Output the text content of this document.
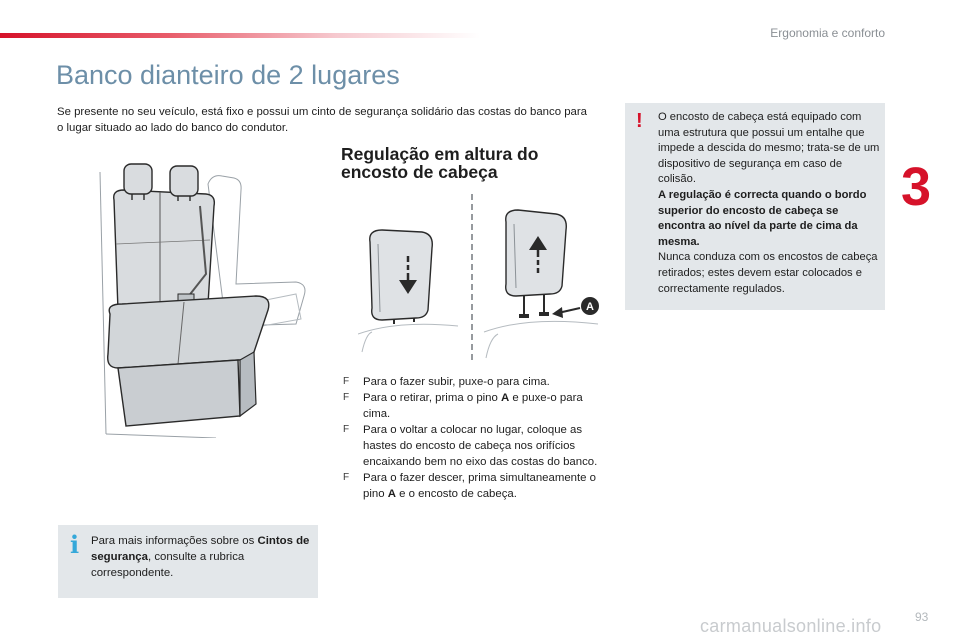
Ergonomia e conforto
3
Banco dianteiro de 2 lugares

Se presente no seu veículo, está fixo e possui um cinto de segurança solidário das costas do banco para o lugar situado ao lado do banco do condutor.

Regulação em altura do
encosto de cabeça
A
F Para o fazer subir, puxe-o para cima.
F Para o retirar, prima o pino A e puxe-o para cima.
F Para o voltar a colocar no lugar, coloque as hastes do encosto de cabeça nos orifícios encaixando bem no eixo das costas do banco.
F Para o fazer descer, prima simultaneamente o pino A e o encosto de cabeça.
! O encosto de cabeça está equipado com uma estrutura que possui um entalhe que impede a descida do mesmo; trata-se de um dispositivo de segurança em caso de colisão.
A regulação é correcta quando o bordo superior do encosto de cabeça se encontra ao nível da parte de cima da mesma.
Nunca conduza com os encostos de cabeça retirados; estes devem estar colocados e correctamente regulados.
i Para mais informações sobre os Cintos de segurança, consulte a rubrica correspondente.
93
carmanualsonline.info
